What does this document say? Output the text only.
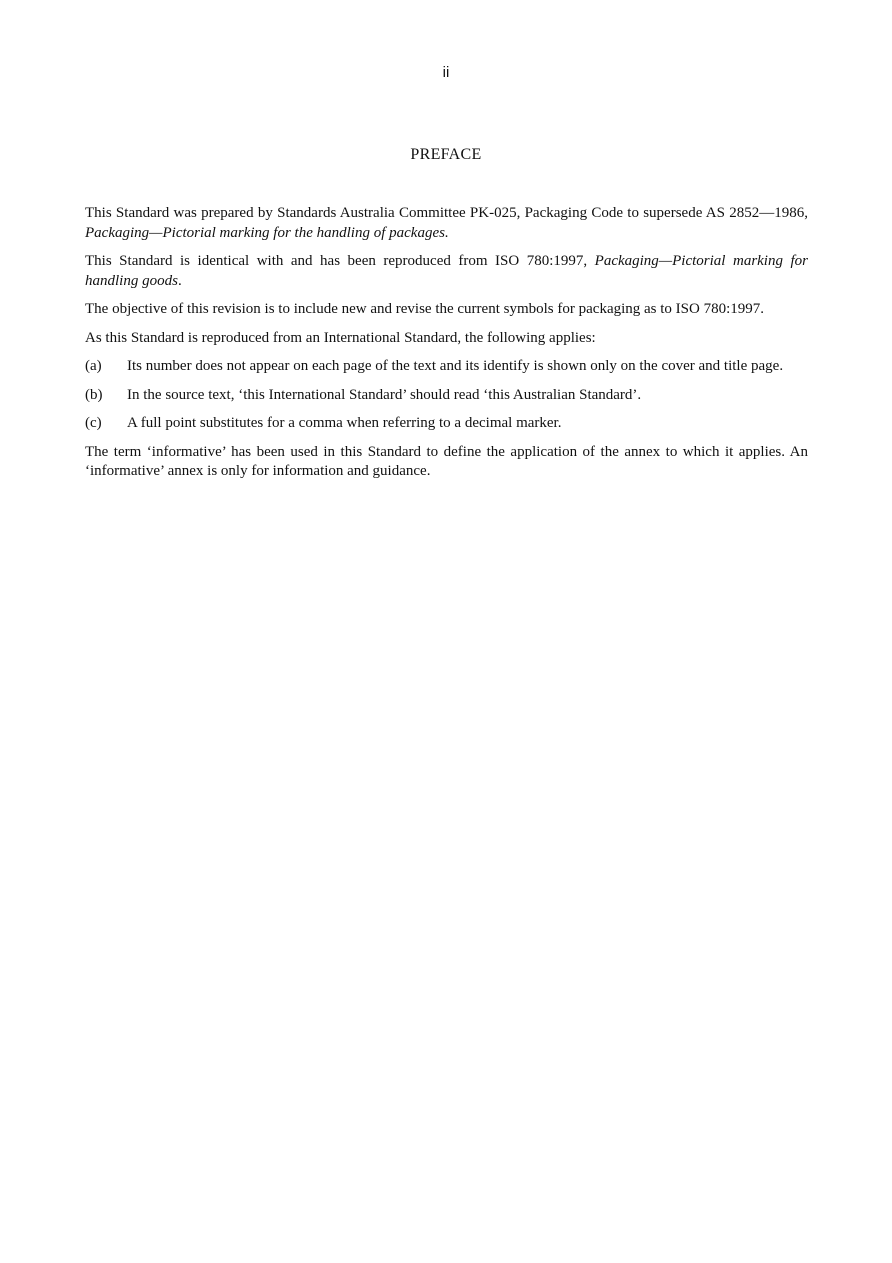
ii
PREFACE

This Standard was prepared by Standards Australia Committee PK-025, Packaging Code to supersede AS 2852—1986, Packaging—Pictorial marking for the handling of packages.

This Standard is identical with and has been reproduced from ISO 780:1997, Packaging—Pictorial marking for handling goods.

The objective of this revision is to include new and revise the current symbols for packaging as to ISO 780:1997.

As this Standard is reproduced from an International Standard, the following applies:

(a)	Its number does not appear on each page of the text and its identify is shown only on the cover and title page.
(b)	In the source text, ‘this International Standard’ should read ‘this Australian Standard’.
(c)	A full point substitutes for a comma when referring to a decimal marker.

The term ‘informative’ has been used in this Standard to define the application of the annex to which it applies. An ‘informative’ annex is only for information and guidance.
